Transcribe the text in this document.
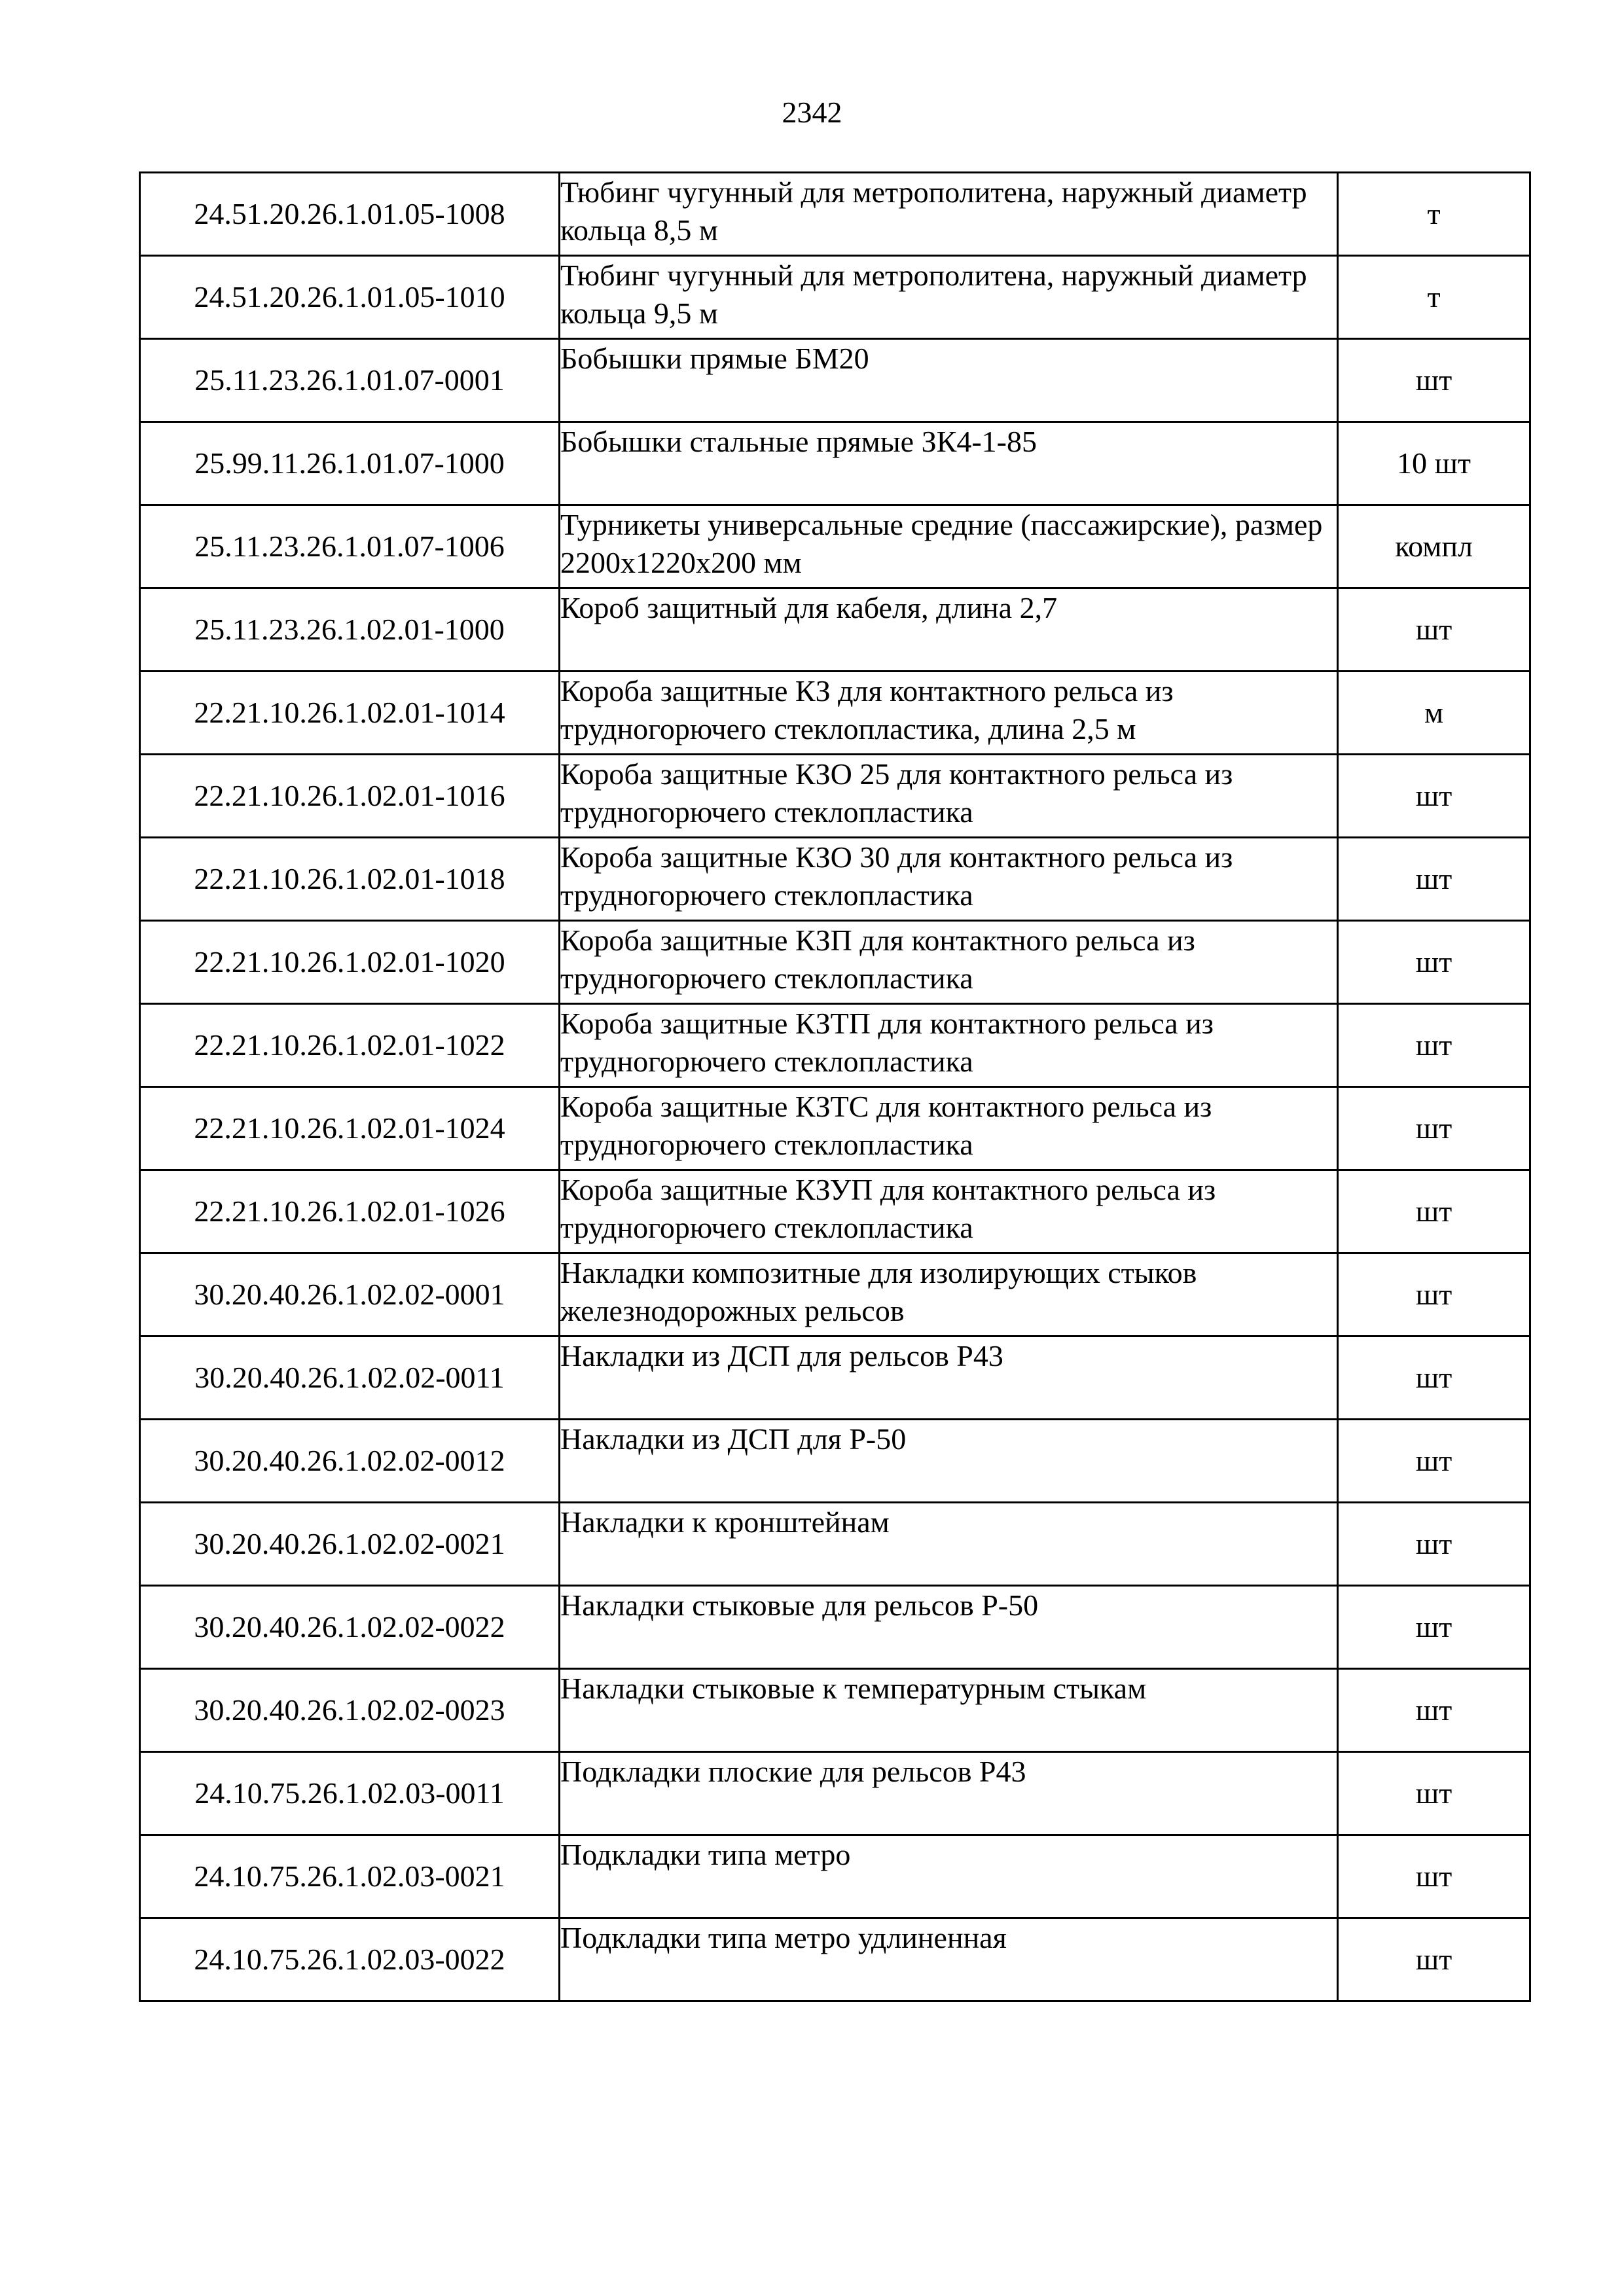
2342
24.51.20.26.1.01.05-1008	Тюбинг чугунный для метрополитена, наружный диаметр кольца 8,5 м	т
24.51.20.26.1.01.05-1010	Тюбинг чугунный для метрополитена, наружный диаметр кольца 9,5 м	т
25.11.23.26.1.01.07-0001	Бобышки прямые БМ20	шт
25.99.11.26.1.01.07-1000	Бобышки стальные прямые ЗК4-1-85	10 шт
25.11.23.26.1.01.07-1006	Турникеты универсальные средние (пассажирские), размер 2200х1220х200 мм	компл
25.11.23.26.1.02.01-1000	Короб защитный для кабеля, длина 2,7	шт
22.21.10.26.1.02.01-1014	Короба защитные КЗ для контактного рельса из трудногорючего стеклопластика, длина 2,5 м	м
22.21.10.26.1.02.01-1016	Короба защитные КЗО 25 для контактного рельса из трудногорючего стеклопластика	шт
22.21.10.26.1.02.01-1018	Короба защитные КЗО 30 для контактного рельса из трудногорючего стеклопластика	шт
22.21.10.26.1.02.01-1020	Короба защитные КЗП для контактного рельса из трудногорючего стеклопластика	шт
22.21.10.26.1.02.01-1022	Короба защитные КЗТП для контактного рельса из трудногорючего стеклопластика	шт
22.21.10.26.1.02.01-1024	Короба защитные КЗТС для контактного рельса из трудногорючего стеклопластика	шт
22.21.10.26.1.02.01-1026	Короба защитные КЗУП для контактного рельса из трудногорючего стеклопластика	шт
30.20.40.26.1.02.02-0001	Накладки композитные для изолирующих стыков железнодорожных рельсов	шт
30.20.40.26.1.02.02-0011	Накладки из ДСП для рельсов Р43	шт
30.20.40.26.1.02.02-0012	Накладки из ДСП для Р-50	шт
30.20.40.26.1.02.02-0021	Накладки к кронштейнам	шт
30.20.40.26.1.02.02-0022	Накладки стыковые для рельсов Р-50	шт
30.20.40.26.1.02.02-0023	Накладки стыковые к температурным стыкам	шт
24.10.75.26.1.02.03-0011	Подкладки плоские для рельсов Р43	шт
24.10.75.26.1.02.03-0021	Подкладки типа метро	шт
24.10.75.26.1.02.03-0022	Подкладки типа метро удлиненная	шт
